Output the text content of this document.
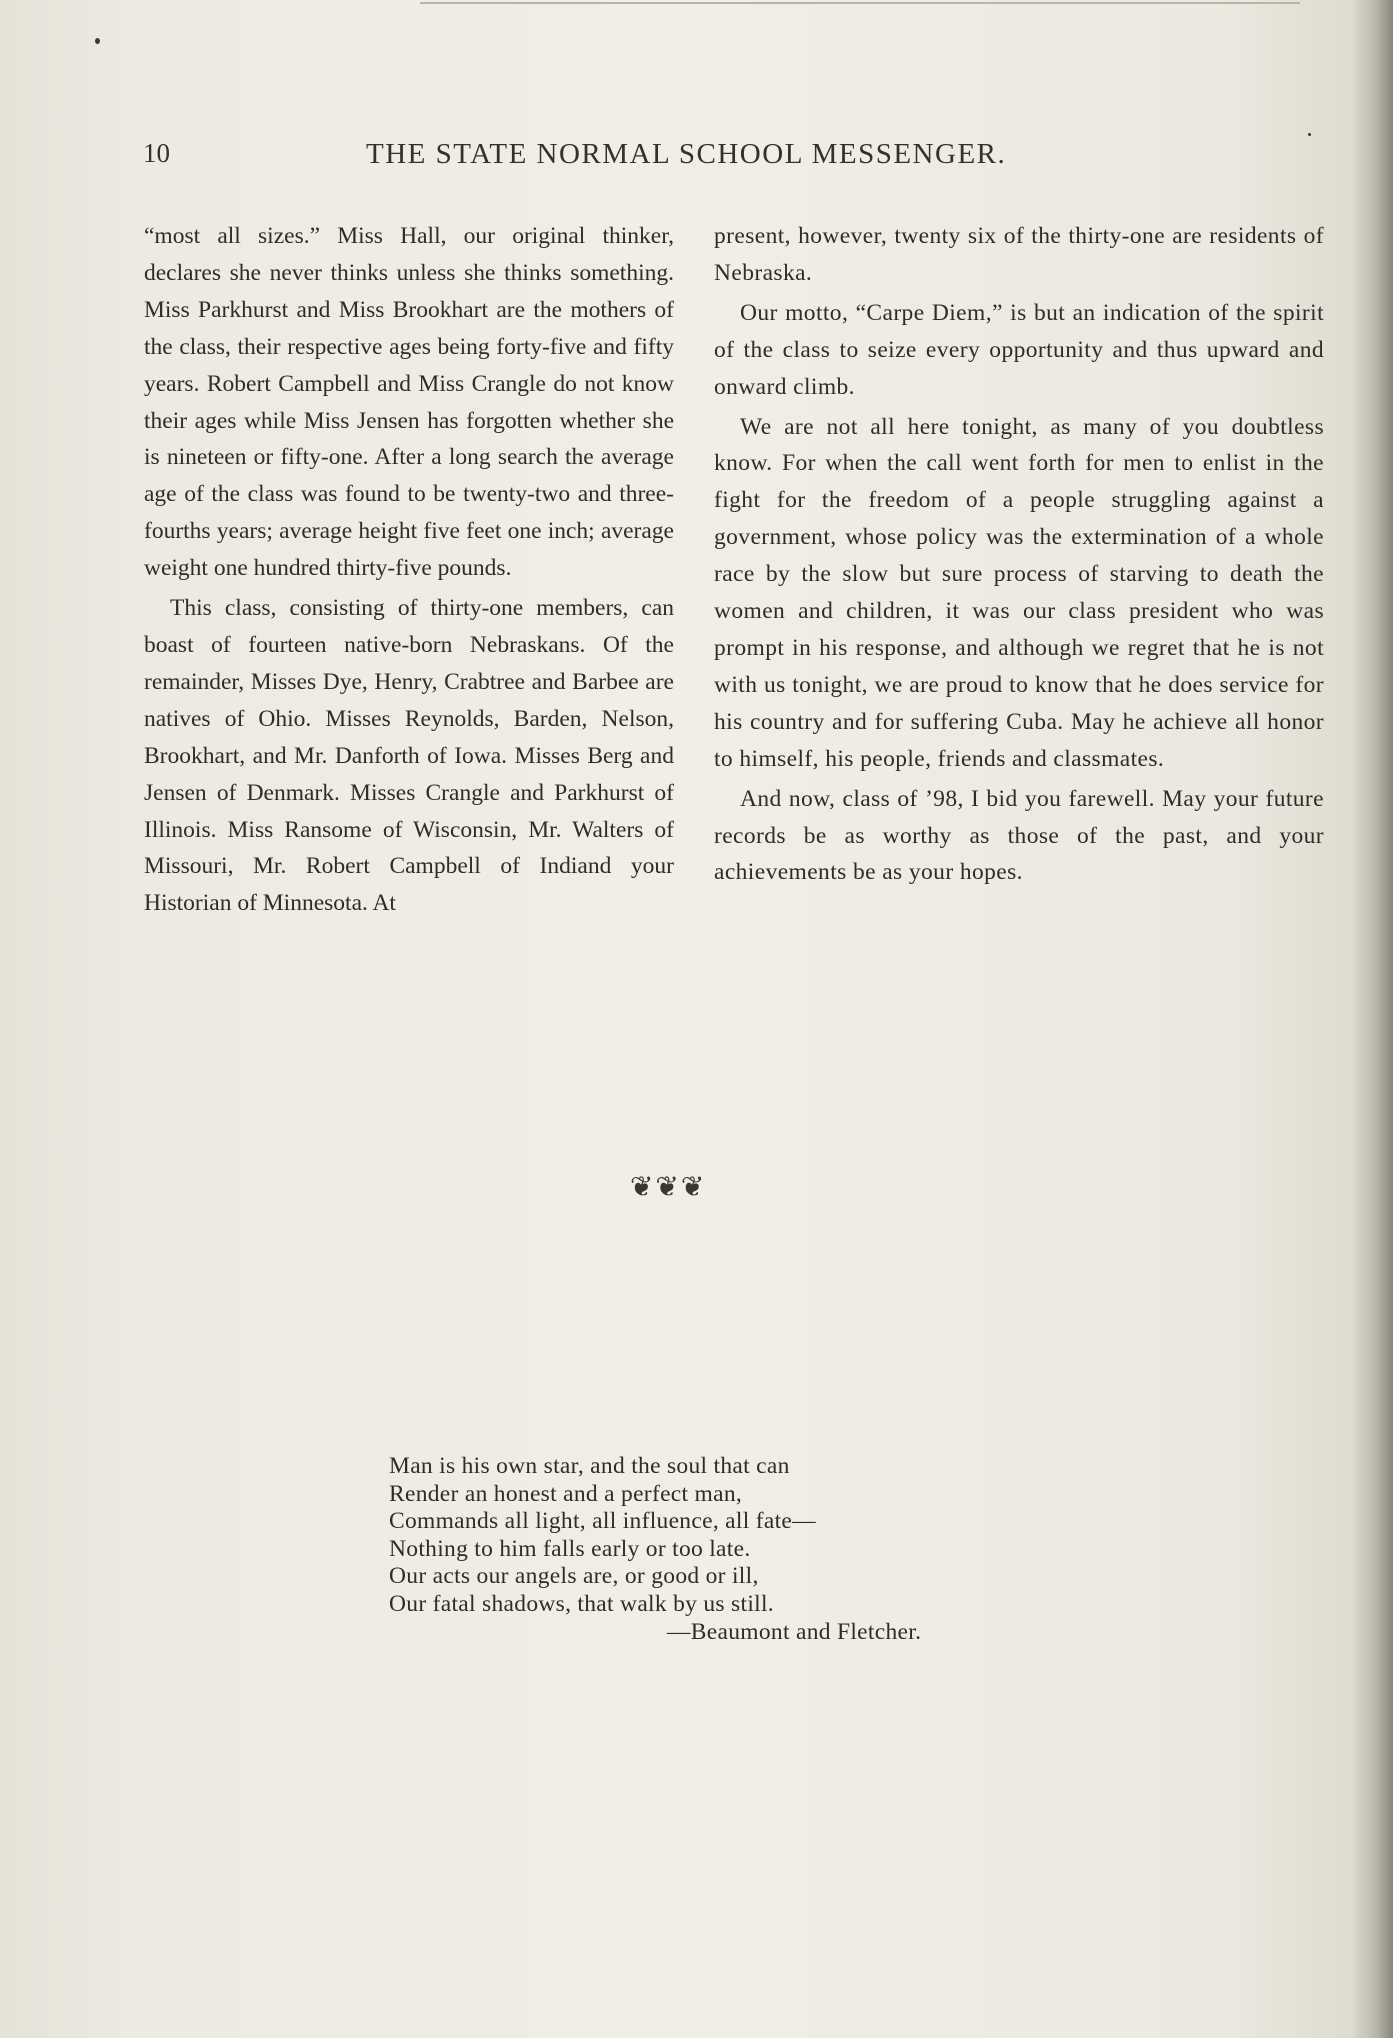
10	THE STATE NORMAL SCHOOL MESSENGER.

“most all sizes.” Miss Hall, our original thinker, declares she never thinks unless she thinks something. Miss Parkhurst and Miss Brookhart are the mothers of the class, their respective ages being forty-five and fifty years. Robert Campbell and Miss Crangle do not know their ages while Miss Jensen has forgotten whether she is nineteen or fifty-one. After a long search the average age of the class was found to be twenty-two and three-fourths years; average height five feet one inch; average weight one hundred thirty-five pounds.

This class, consisting of thirty-one members, can boast of fourteen native-born Nebraskans. Of the remainder, Misses Dye, Henry, Crabtree and Barbee are natives of Ohio. Misses Reynolds, Barden, Nelson, Brookhart, and Mr. Danforth of Iowa. Misses Berg and Jensen of Denmark. Misses Crangle and Parkhurst of Illinois. Miss Ransome of Wisconsin, Mr. Walters of Missouri, Mr. Robert Campbell of Indiand your Historian of Minnesota. At

present, however, twenty six of the thirty-one are residents of Nebraska.

Our motto, “Carpe Diem,” is but an indication of the spirit of the class to seize every opportunity and thus upward and onward climb.

We are not all here tonight, as many of you doubtless know. For when the call went forth for men to enlist in the fight for the freedom of a people struggling against a government, whose policy was the extermination of a whole race by the slow but sure process of starving to death the women and children, it was our class president who was prompt in his response, and although we regret that he is not with us tonight, we are proud to know that he does service for his country and for suffering Cuba. May he achieve all honor to himself, his people, friends and classmates.

And now, class of ’98, I bid you farewell. May your future records be as worthy as those of the past, and your achievements be as your hopes.

❦❦❦
Man is his own star, and the soul that can
Render an honest and a perfect man,
Commands all light, all influence, all fate—
Nothing to him falls early or too late.
Our acts our angels are, or good or ill,
Our fatal shadows, that walk by us still.
—Beaumont and Fletcher.
